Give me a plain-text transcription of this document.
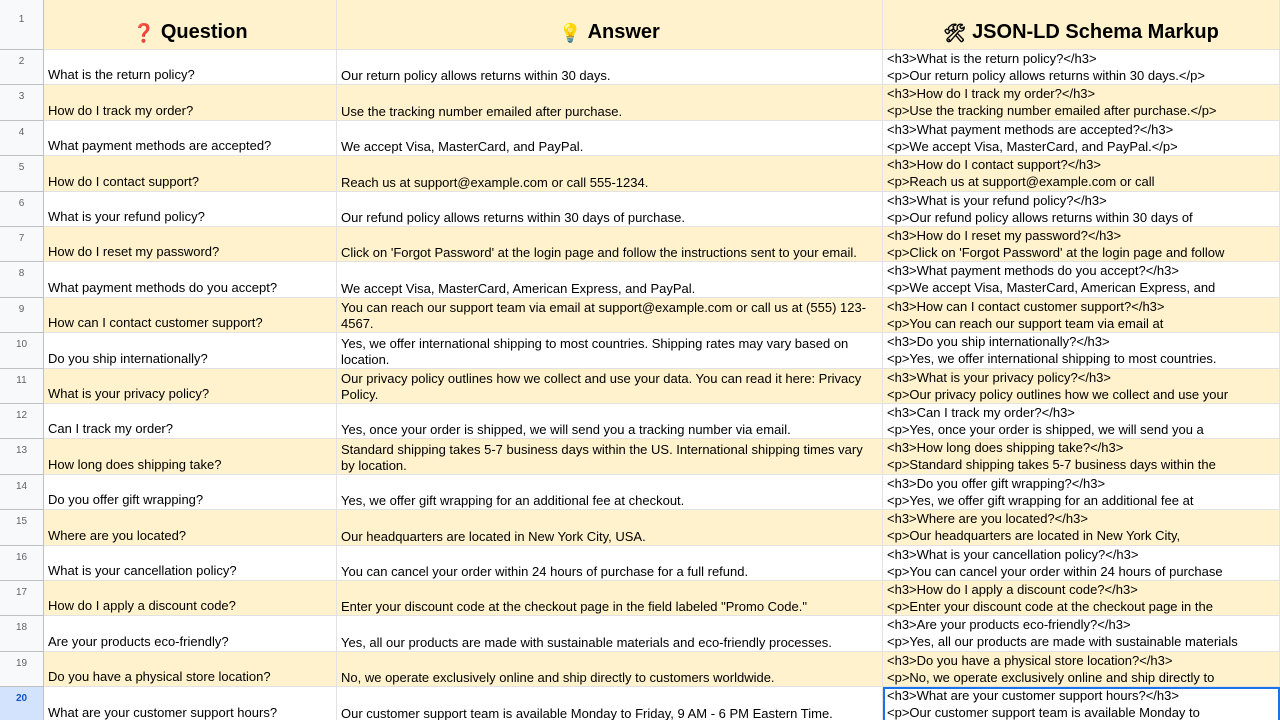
1
❓ Question	💡 Answer	🛠 JSON-LD Schema Markup
2
What is the return policy?	Our return policy allows returns within 30 days.
<h3>What is the return policy?</h3>
<p>Our return policy allows returns within 30 days.</p>
3
How do I track my order?	Use the tracking number emailed after purchase.
<h3>How do I track my order?</h3>
<p>Use the tracking number emailed after purchase.</p>
4
What payment methods are accepted?	We accept Visa, MasterCard, and PayPal.
<h3>What payment methods are accepted?</h3>
<p>We accept Visa, MasterCard, and PayPal.</p>
5
How do I contact support?	Reach us at support@example.com or call 555-1234.
<h3>How do I contact support?</h3>
<p>Reach us at support@example.com or call
6
What is your refund policy?	Our refund policy allows returns within 30 days of purchase.
<h3>What is your refund policy?</h3>
<p>Our refund policy allows returns within 30 days of
7
How do I reset my password?	Click on 'Forgot Password' at the login page and follow the instructions sent to your email.
<h3>How do I reset my password?</h3>
<p>Click on 'Forgot Password' at the login page and follow
8
What payment methods do you accept?	We accept Visa, MasterCard, American Express, and PayPal.
<h3>What payment methods do you accept?</h3>
<p>We accept Visa, MasterCard, American Express, and
9
How can I contact customer support?
You can reach our support team via email at support@example.com or call us at (555) 123-4567.
<h3>How can I contact customer support?</h3>
<p>You can reach our support team via email at
10
Do you ship internationally?
Yes, we offer international shipping to most countries. Shipping rates may vary based on location.
<h3>Do you ship internationally?</h3>
<p>Yes, we offer international shipping to most countries.
11
What is your privacy policy?
Our privacy policy outlines how we collect and use your data. You can read it here: Privacy Policy.
<h3>What is your privacy policy?</h3>
<p>Our privacy policy outlines how we collect and use your
12
Can I track my order?	Yes, once your order is shipped, we will send you a tracking number via email.
<h3>Can I track my order?</h3>
<p>Yes, once your order is shipped, we will send you a
13
How long does shipping take?
Standard shipping takes 5-7 business days within the US. International shipping times vary by location.
<h3>How long does shipping take?</h3>
<p>Standard shipping takes 5-7 business days within the
14
Do you offer gift wrapping?	Yes, we offer gift wrapping for an additional fee at checkout.
<h3>Do you offer gift wrapping?</h3>
<p>Yes, we offer gift wrapping for an additional fee at
15
Where are you located?	Our headquarters are located in New York City, USA.
<h3>Where are you located?</h3>
<p>Our headquarters are located in New York City,
16
What is your cancellation policy?	You can cancel your order within 24 hours of purchase for a full refund.
<h3>What is your cancellation policy?</h3>
<p>You can cancel your order within 24 hours of purchase
17
How do I apply a discount code?	Enter your discount code at the checkout page in the field labeled "Promo Code."
<h3>How do I apply a discount code?</h3>
<p>Enter your discount code at the checkout page in the
18
Are your products eco-friendly?	Yes, all our products are made with sustainable materials and eco-friendly processes.
<h3>Are your products eco-friendly?</h3>
<p>Yes, all our products are made with sustainable materials
19
Do you have a physical store location?	No, we operate exclusively online and ship directly to customers worldwide.
<h3>Do you have a physical store location?</h3>
<p>No, we operate exclusively online and ship directly to
20
What are your customer support hours?	Our customer support team is available Monday to Friday, 9 AM - 6 PM Eastern Time.
<h3>What are your customer support hours?</h3>
<p>Our customer support team is available Monday to
